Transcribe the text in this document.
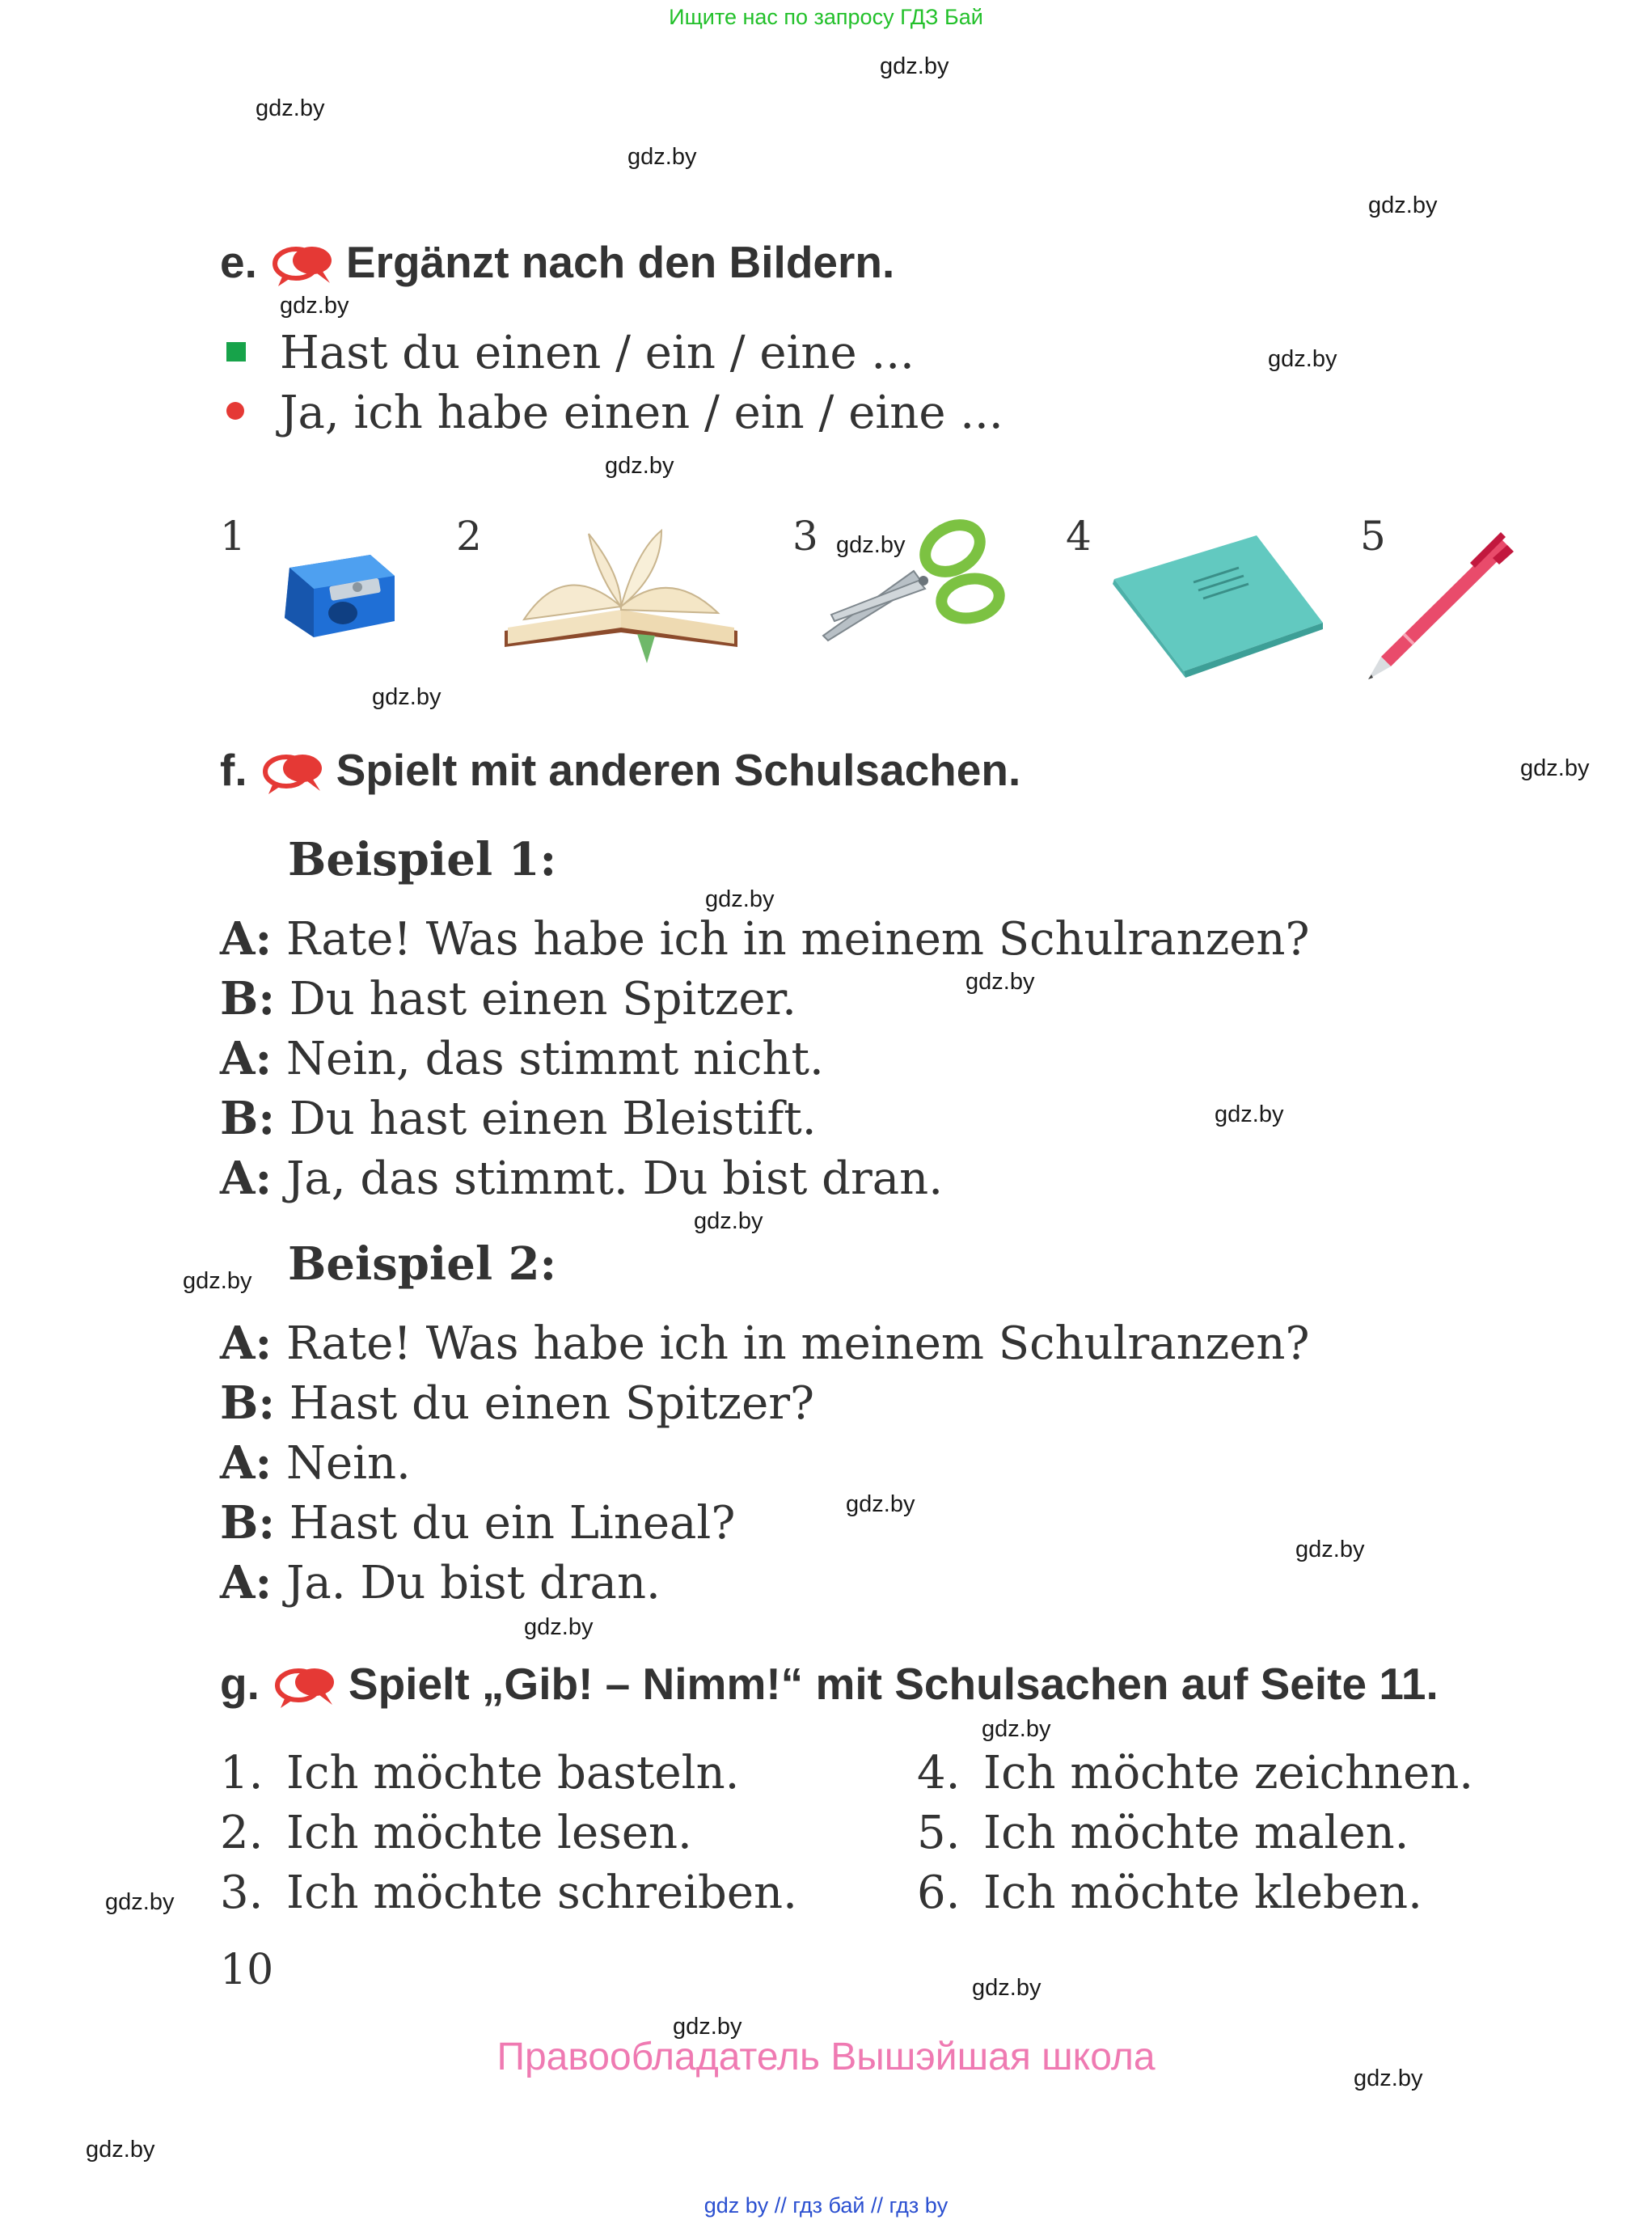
Ищите нас по запросу ГДЗ Бай
gdz.by
gdz.by
gdz.by
gdz.by
gdz.by
gdz.by
gdz.by
gdz.by
gdz.by
gdz.by
gdz.by
gdz.by
gdz.by
gdz.by
gdz.by
gdz.by
gdz.by
gdz.by
gdz.by
gdz.by
gdz.by
gdz.by
gdz.by
gdz.by
e. Ergänzt nach den Bildern.
Hast du einen / ein / eine ...
Ja, ich habe einen / ein / eine ...
1	2	3	4	5
f. Spielt mit anderen Schulsachen.
Beispiel 1:
A: Rate! Was habe ich in meinem Schulranzen?
B: Du hast einen Spitzer.
A: Nein, das stimmt nicht.
B: Du hast einen Bleistift.
A: Ja, das stimmt. Du bist dran.
Beispiel 2:
A: Rate! Was habe ich in meinem Schulranzen?
B: Hast du einen Spitzer?
A: Nein.
B: Hast du ein Lineal?
A: Ja. Du bist dran.
g. Spielt „Gib! – Nimm!“ mit Schulsachen auf Seite 11.
1. Ich möchte basteln.
2. Ich möchte lesen.
3. Ich möchte schreiben.
4. Ich möchte zeichnen.
5. Ich möchte malen.
6. Ich möchte kleben.
10
Правообладатель Вышэйшая школа
gdz by // гдз бай // гдз by
